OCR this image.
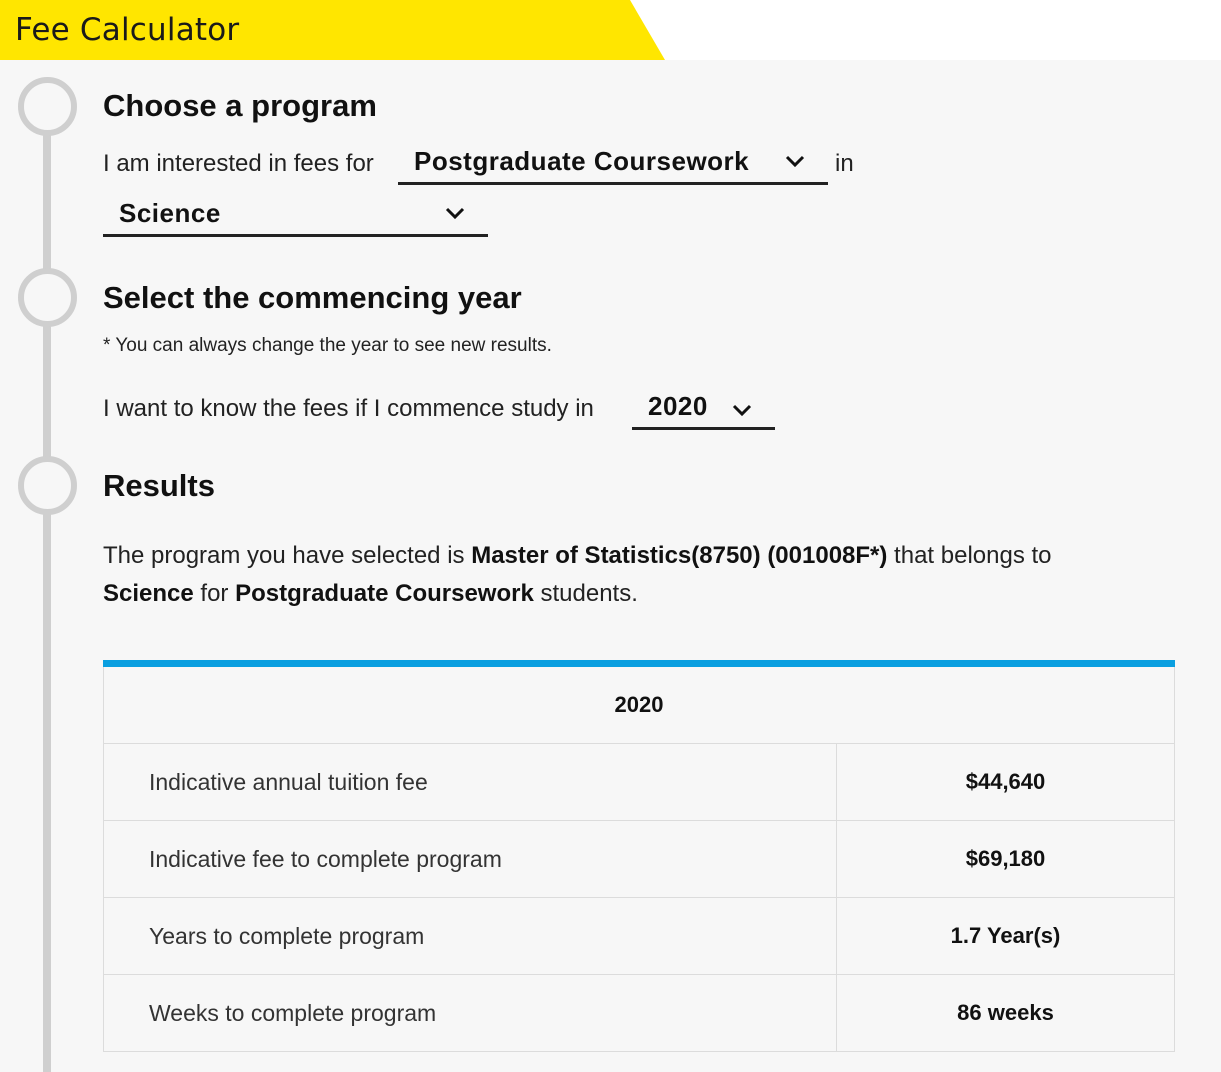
Fee Calculator
Choose a program
I am interested in fees for Postgraduate Coursework	in
Science
Select the commencing year
* You can always change the year to see new results.
I want to know the fees if I commence study in 2020
Results
The program you have selected is Master of Statistics(8750) (001008F*) that belongs to
Science for Postgraduate Coursework students.
2020
Indicative annual tuition fee	$44,640
Indicative fee to complete program	$69,180
Years to complete program	1.7 Year(s)
Weeks to complete program	86 weeks
